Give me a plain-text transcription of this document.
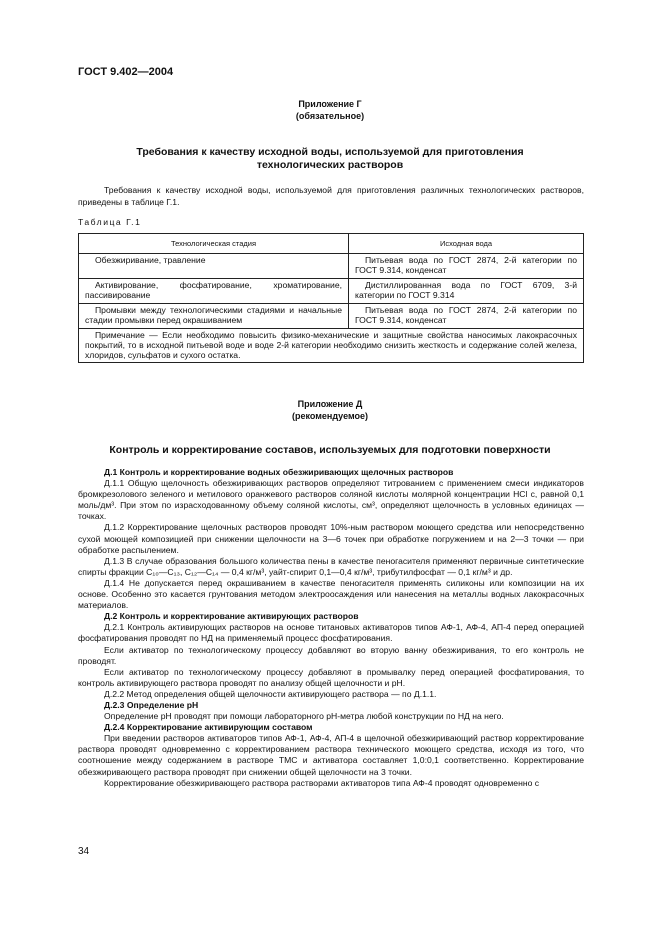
ГОСТ 9.402—2004
Приложение Г
(обязательное)
Требования к качеству исходной воды, используемой для приготовления
технологических растворов
Требования к качеству исходной воды, используемой для приготовления различных технологических растворов, приведены в таблице Г.1.
Таблица Г.1
Технологическая стадия	Исходная вода
Обезжиривание, травление	Питьевая вода по ГОСТ 2874, 2-й категории по ГОСТ 9.314, конденсат
Активирование, фосфатирование, хроматирование, пассивирование	Дистиллированная вода по ГОСТ 6709, 3-й категории по ГОСТ 9.314
Промывки между технологическими стадиями и начальные стадии промывки перед окрашиванием	Питьевая вода по ГОСТ 2874, 2-й категории по ГОСТ 9.314, конденсат
Примечание — Если необходимо повысить физико-механические и защитные свойства наносимых лакокрасочных покрытий, то в исходной питьевой воде и воде 2-й категории необходимо снизить жесткость и содержание солей железа, хлоридов, сульфатов и сухого остатка.	
Приложение Д
(рекомендуемое)
Контроль и корректирование составов, используемых для подготовки поверхности

Д.1 Контроль и корректирование водных обезжиривающих щелочных растворов

Д.1.1 Общую щелочность обезжиривающих растворов определяют титрованием с применением смеси индикаторов бромкрезолового зеленого и метилового оранжевого растворов соляной кислоты молярной концентрации HCl с, равной 0,1 моль/дм³. При этом по израсходованному объему соляной кислоты, см³, определяют щелочность в условных единицах — точках.

Д.1.2 Корректирование щелочных растворов проводят 10%-ным раствором моющего средства или непосредственно сухой моющей композицией при снижении щелочности на 3—6 точек при обработке погружением и на 2—3 точки — при обработке распылением.

Д.1.3 В случае образования большого количества пены в качестве пеногасителя применяют первичные синтетические спирты фракции C₁₀—C₁₃, C₁₂—C₁₄ — 0,4 кг/м³, уайт-спирит 0,1—0,4 кг/м³, трибутилфосфат — 0,1 кг/м³ и др.

Д.1.4 Не допускается перед окрашиванием в качестве пеногасителя применять силиконы или композиции на их основе. Особенно это касается грунтования методом электроосаждения или нанесения на металлы водных лакокрасочных материалов.

Д.2 Контроль и корректирование активирующих растворов

Д.2.1 Контроль активирующих растворов на основе титановых активаторов типов АФ-1, АФ-4, АП-4 перед операцией фосфатирования проводят по НД на применяемый процесс фосфатирования.

Если активатор по технологическому процессу добавляют во вторую ванну обезжиривания, то его контроль не проводят.

Если активатор по технологическому процессу добавляют в промывалку перед операцией фосфатирования, то контроль активирующего раствора проводят по анализу общей щелочности и pH.

Д.2.2 Метод определения общей щелочности активирующего раствора — по Д.1.1.

Д.2.3 Определение pH

Определение pH проводят при помощи лабораторного pH-метра любой конструкции по НД на него.

Д.2.4 Корректирование активирующим составом

При введении растворов активаторов типов АФ-1, АФ-4, АП-4 в щелочной обезжиривающий раствор корректирование раствора проводят одновременно с корректированием раствора технического моющего средства, исходя из того, что соотношение между содержанием в растворе ТМС и активатора составляет 1,0:0,1 соответственно. Корректирование обезжиривающего раствора проводят при снижении общей щелочности на 3 точки.

Корректирование обезжиривающего раствора растворами активаторов типа АФ-4 проводят одновременно с

34
